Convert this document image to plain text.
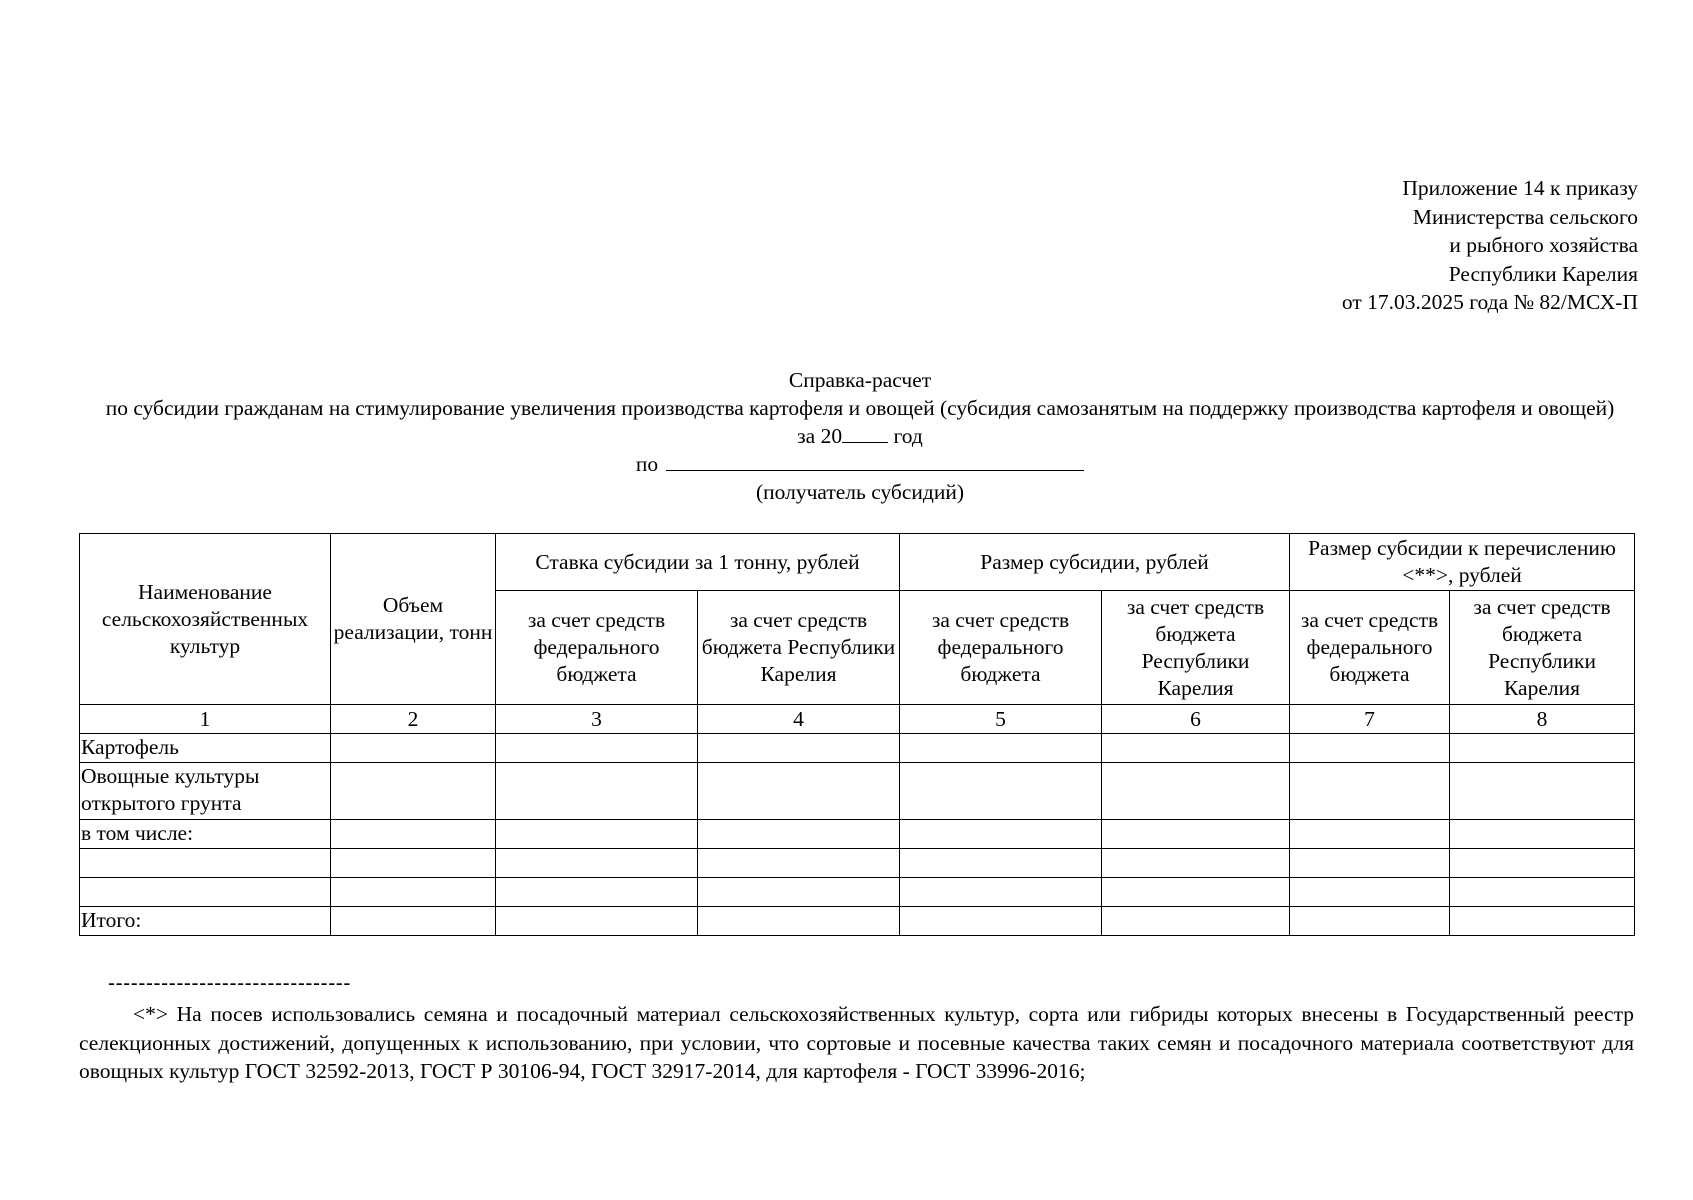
Приложение 14 к приказу
Министерства сельского
и рыбного хозяйства
Республики Карелия
от 17.03.2025 года № 82/МСХ-П
Справка-расчет
по субсидии гражданам на стимулирование увеличения производства картофеля и овощей (субсидия самозанятым на поддержку производства картофеля и овощей)
за 20 год
по
(получатель субсидий)
Наименование сельскохозяйственных культур	Объем реализации, тонн	Ставка субсидии за 1 тонну, рублей		Размер субсидии, рублей		Размер субсидии к перечислению <**>, рублей	
		за счет средств федерального бюджета	за счет средств бюджета Республики Карелия	за счет средств федерального бюджета	за счет средств бюджета Республики Карелия	за счет средств федерального бюджета	за счет средств бюджета Республики Карелия
1	2	3	4	5	6	7	8
Картофель							
Овощные культуры открытого грунта							
в том числе:							

Итого:							
--------------------------------
<*> На посев использовались семяна и посадочный материал сельскохозяйственных культур, сорта или гибриды которых внесены в Государственный реестр селекционных достижений, допущенных к использованию, при условии, что сортовые и посевные качества таких семян и посадочного материала соответствуют для овощных культур ГОСТ 32592-2013, ГОСТ Р 30106-94, ГОСТ 32917-2014, для картофеля - ГОСТ 33996-2016;
